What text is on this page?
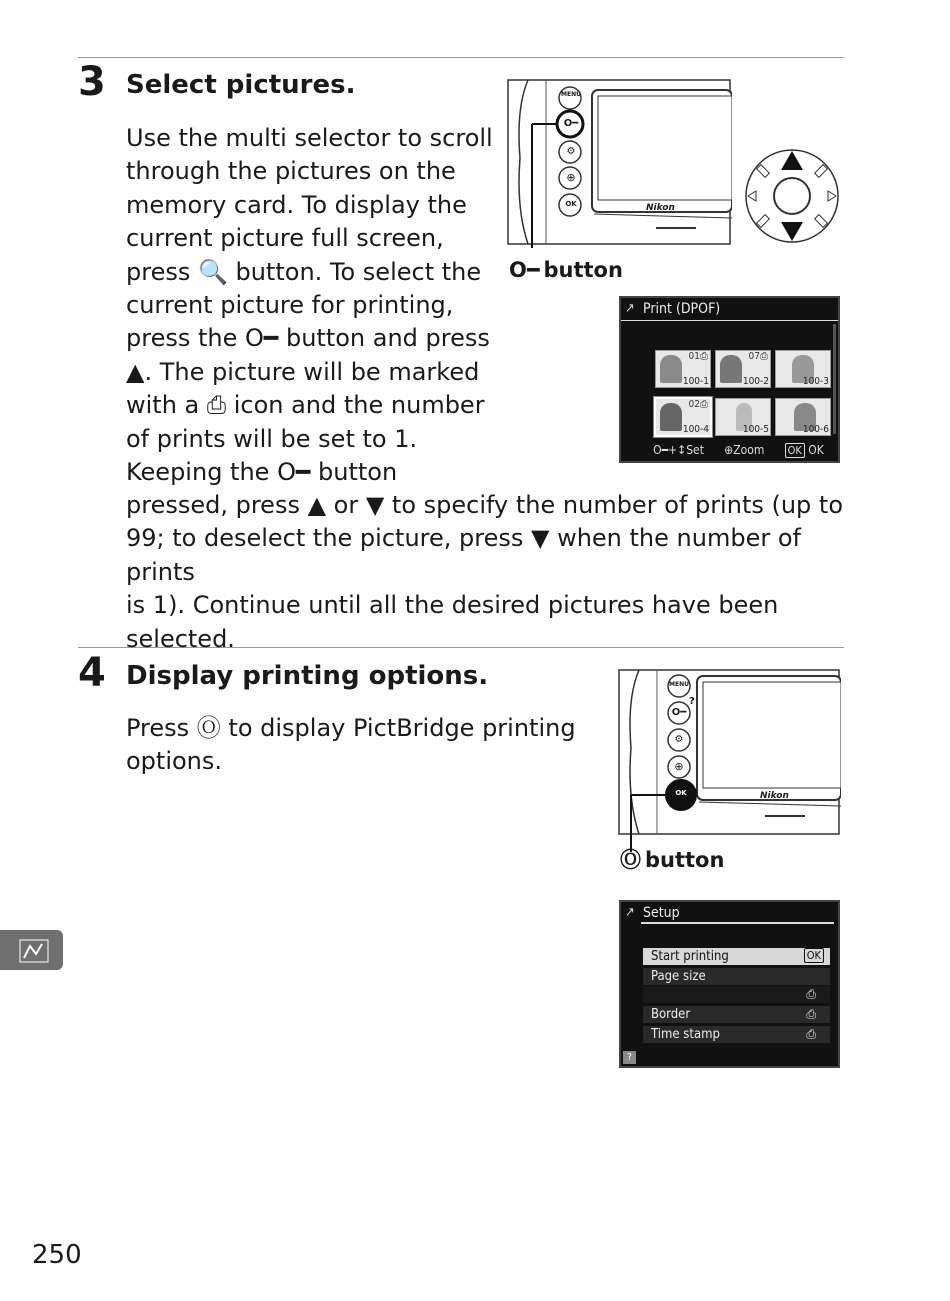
3 Select pictures.
Use the multi selector to scroll
through the pictures on the
memory card. To display the
current picture full screen,
press 🔍 button. To select the
current picture for printing,
press the O━ button and press
▲. The picture will be marked
with a ⎙ icon and the number
of prints will be set to 1.
Keeping the O━ button
pressed, press ▲ or ▼ to specify the number of prints (up to
99; to deselect the picture, press ▼ when the number of prints
is 1). Continue until all the desired pictures have been
selected.
MENU
O━
⚙
⊕
OK	Nikon
O━ button
↗ Print (DPOF)
01⎙
100-1
07⎙
100-2	100-3
02⎙
100-4	100-5	100-6
O━+↕Set ⊕Zoom OK OK
4 Display printing options.
Press Ⓞ to display PictBridge printing
options.
MENU
O━
⚙
⊕
OK
?
Nikon
Ⓞ button
↗ Setup
Start printing	OK
Page size
⎙
Border	⎙
Time stamp	⎙
?
250
